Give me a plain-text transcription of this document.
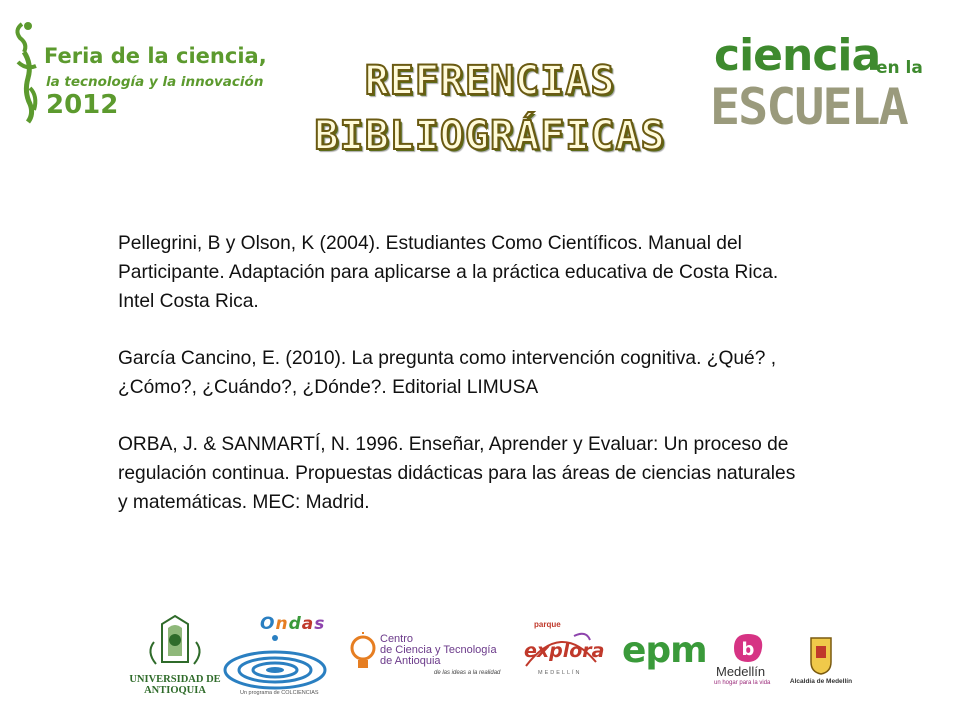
Feria de la ciencia,
la tecnología y la innovación
2012
REFRENCIAS
BIBLIOGRÁFICAS
ciencia
en la
ESCUELA

Pellegrini, B y Olson, K (2004). Estudiantes Como Científicos. Manual del Participante. Adaptación para aplicarse a la práctica educativa de Costa Rica. Intel Costa Rica.

García Cancino, E. (2010). La pregunta como intervención cognitiva. ¿Qué? , ¿Cómo?, ¿Cuándo?, ¿Dónde?. Editorial LIMUSA

ORBA, J. & SANMARTÍ, N. 1996. Enseñar, Aprender y Evaluar: Un proceso de regulación continua. Propuestas didácticas para las áreas de ciencias naturales y matemáticas. MEC: Madrid.

UNIVERSIDAD DE ANTIOQUIA
Ondas
Un programa de COLCIENCIAS
Centro
de Ciencia y Tecnología
de Antioquia
de las ideas a la realidad
parque
explora
MEDELLÍN
epm b
Medellín
un hogar para la vida	Alcaldía de Medellín
